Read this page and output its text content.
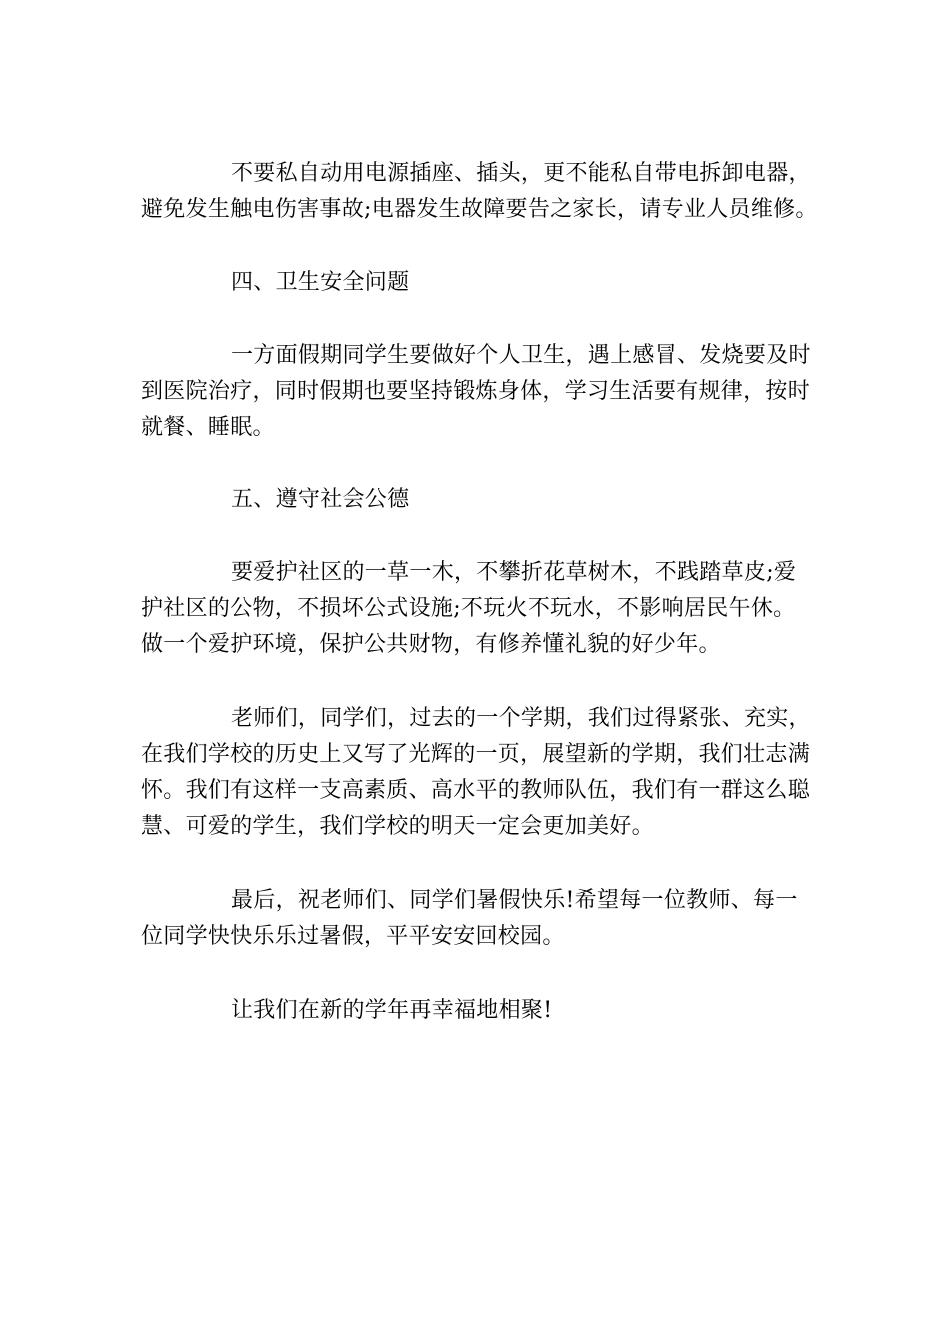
不要私自动用电源插座、插头，更不能私自带电拆卸电器，
避免发生触电伤害事故;电器发生故障要告之家长，请专业人员维修。

四、卫生安全问题

一方面假期同学生要做好个人卫生，遇上感冒、发烧要及时
到医院治疗，同时假期也要坚持锻炼身体，学习生活要有规律，按时
就餐、睡眠。

五、遵守社会公德

要爱护社区的一草一木，不攀折花草树木，不践踏草皮;爱
护社区的公物，不损坏公式设施;不玩火不玩水，不影响居民午休。
做一个爱护环境，保护公共财物，有修养懂礼貌的好少年。

老师们，同学们，过去的一个学期，我们过得紧张、充实，
在我们学校的历史上又写了光辉的一页，展望新的学期，我们壮志满
怀。我们有这样一支高素质、高水平的教师队伍，我们有一群这么聪
慧、可爱的学生，我们学校的明天一定会更加美好。

最后，祝老师们、同学们暑假快乐!希望每一位教师、每一
位同学快快乐乐过暑假，平平安安回校园。

让我们在新的学年再幸福地相聚!
